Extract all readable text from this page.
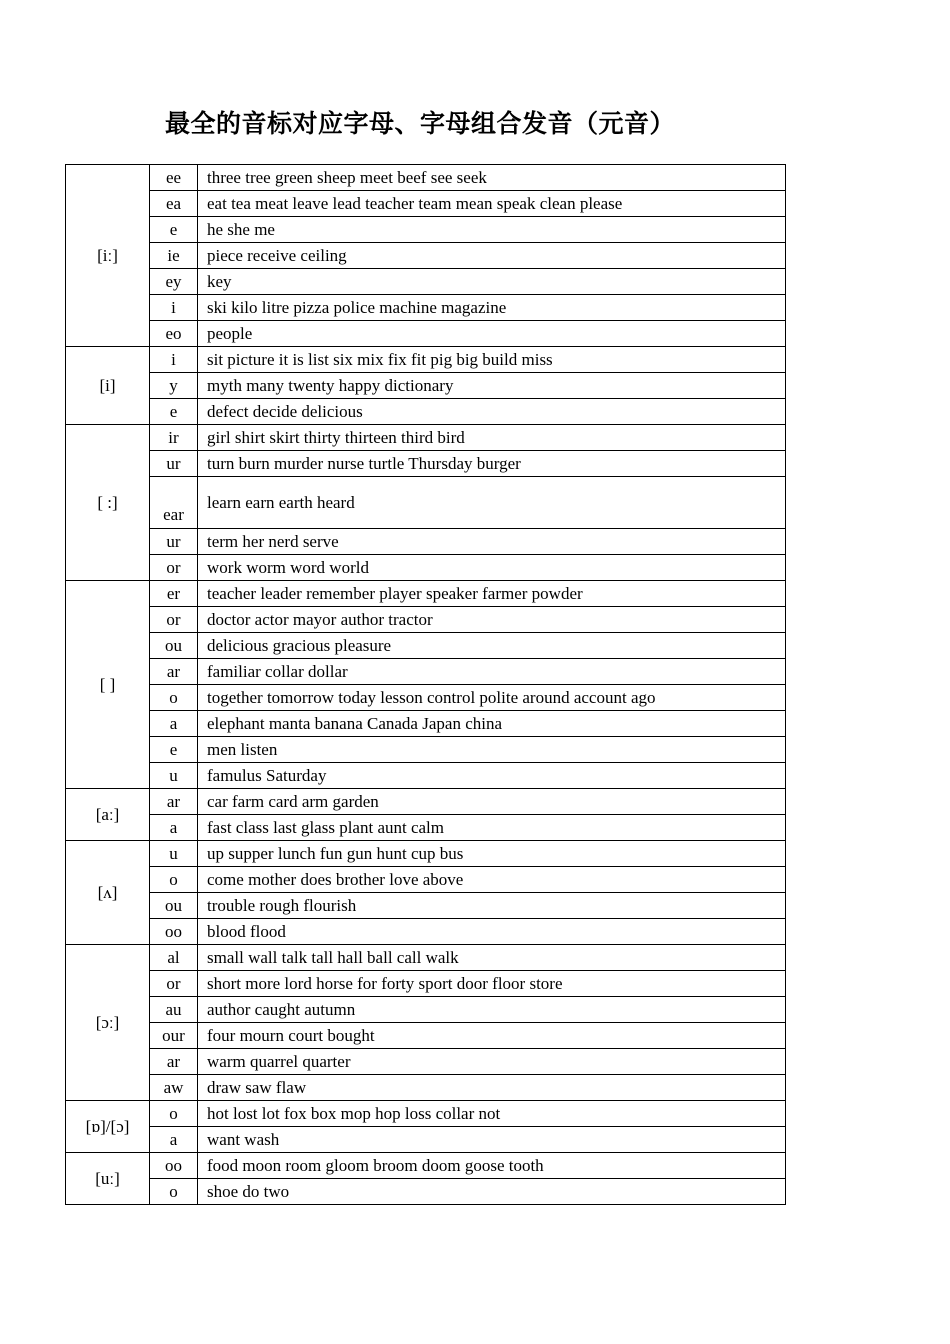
最全的音标对应字母、字母组合发音（元音）
[iː]	ee	three tree green sheep meet beef see seek
	ea	eat tea meat leave lead teacher team mean speak clean please
	e	he she me
	ie	piece receive ceiling
	ey	key
	i	ski kilo litre pizza police machine magazine
	eo	people
[i]	i	sit picture it is list six mix fix fit pig big build miss
	y	myth many twenty happy dictionary
	e	defect decide delicious
[ :]	ir	girl shirt skirt thirty thirteen third bird
	ur	turn burn murder nurse turtle Thursday burger
	ear	learn earn earth heard
	ur	term her nerd serve
	or	work worm word world
[ ]	er	teacher leader remember player speaker farmer powder
	or	doctor actor mayor author tractor
	ou	delicious gracious pleasure
	ar	familiar collar dollar
	o	together tomorrow today lesson control polite around account ago
	a	elephant manta banana Canada Japan china
	e	men listen
	u	famulus Saturday
[aː]	ar	car farm card arm garden
	a	fast class last glass plant aunt calm
[ʌ]	u	up supper lunch fun gun hunt cup bus
	o	come mother does brother love above
	ou	trouble rough flourish
	oo	blood flood
[ɔː]	al	small wall talk tall hall ball call walk
	or	short more lord horse for forty sport door floor store
	au	author caught autumn
	our	four mourn court bought
	ar	warm quarrel quarter
	aw	draw saw flaw
[ɒ]/[ɔ]	o	hot lost lot fox box mop hop loss collar not
	a	want wash
[uː]	oo	food moon room gloom broom doom goose tooth
	o	shoe do two
